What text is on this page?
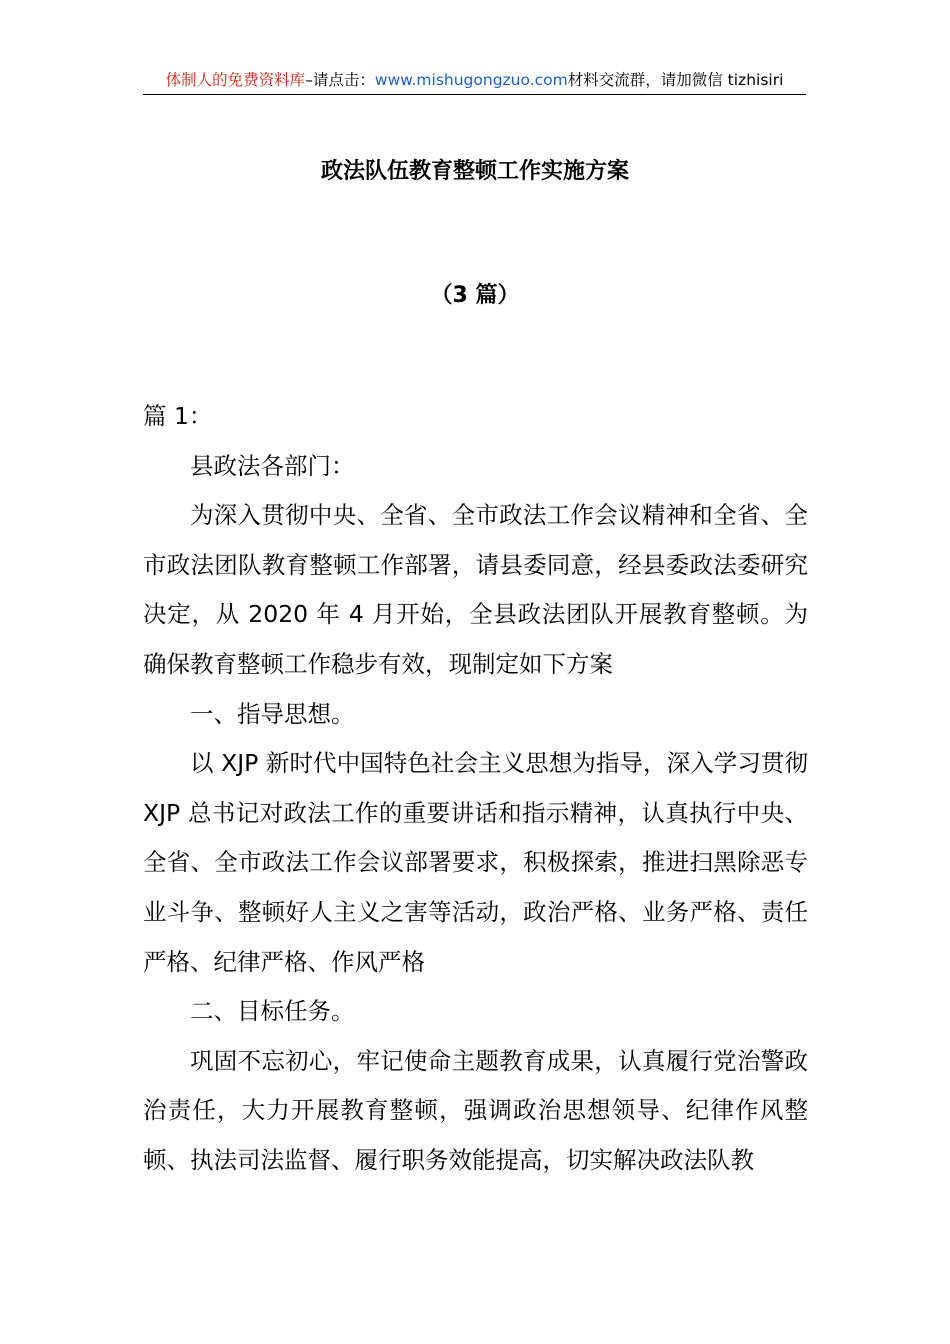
体制人的免费资料库–请点击：www.mishugongzuo.com材料交流群，请加微信 tizhisiri
政法队伍教育整顿工作实施方案
（3 篇）

篇 1：

县政法各部门：

为深入贯彻中央、全省、全市政法工作会议精神和全省、全市政法团队教育整顿工作部署，请县委同意，经县委政法委研究决定，从 2020 年 4 月开始，全县政法团队开展教育整顿。为确保教育整顿工作稳步有效，现制定如下方案

一、指导思想。

以 XJP 新时代中国特色社会主义思想为指导，深入学习贯彻 XJP 总书记对政法工作的重要讲话和指示精神，认真执行中央、全省、全市政法工作会议部署要求，积极探索，推进扫黑除恶专业斗争、整顿好人主义之害等活动，政治严格、业务严格、责任严格、纪律严格、作风严格

二、目标任务。

巩固不忘初心，牢记使命主题教育成果，认真履行党治警政治责任，大力开展教育整顿，强调政治思想领导、纪律作风整顿、执法司法监督、履行职务效能提高，切实解决政法队教
